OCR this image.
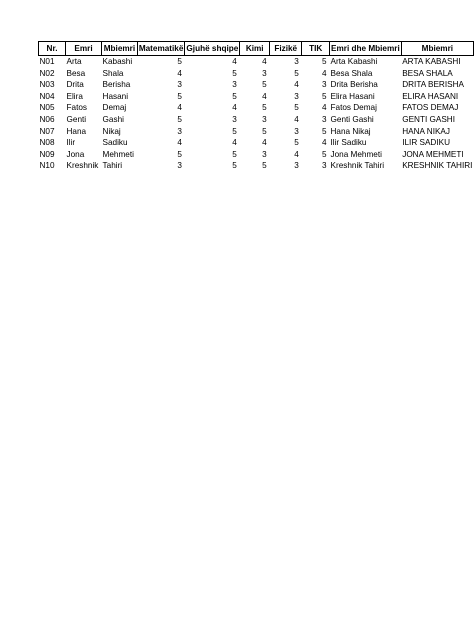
Nr.	Emri	Mbiemri	Matematikë	Gjuhë shqipe	Kimi	Fizikë	TIK	Emri dhe Mbiemri	Mbiemri
N01	Arta	Kabashi	5	4	4	3	5	Arta Kabashi	ARTA KABASHI
N02	Besa	Shala	4	5	3	5	4	Besa Shala	BESA SHALA
N03	Drita	Berisha	3	3	5	4	3	Drita Berisha	DRITA BERISHA
N04	Elira	Hasani	5	5	4	3	5	Elira Hasani	ELIRA HASANI
N05	Fatos	Demaj	4	4	5	5	4	Fatos Demaj	FATOS DEMAJ
N06	Genti	Gashi	5	3	3	4	3	Genti Gashi	GENTI GASHI
N07	Hana	Nikaj	3	5	5	3	5	Hana Nikaj	HANA NIKAJ
N08	Ilir	Sadiku	4	4	4	5	4	Ilir Sadiku	ILIR SADIKU
N09	Jona	Mehmeti	5	5	3	4	5	Jona Mehmeti	JONA MEHMETI
N10	Kreshnik	Tahiri	3	5	5	3	3	Kreshnik Tahiri	KRESHNIK TAHIRI
